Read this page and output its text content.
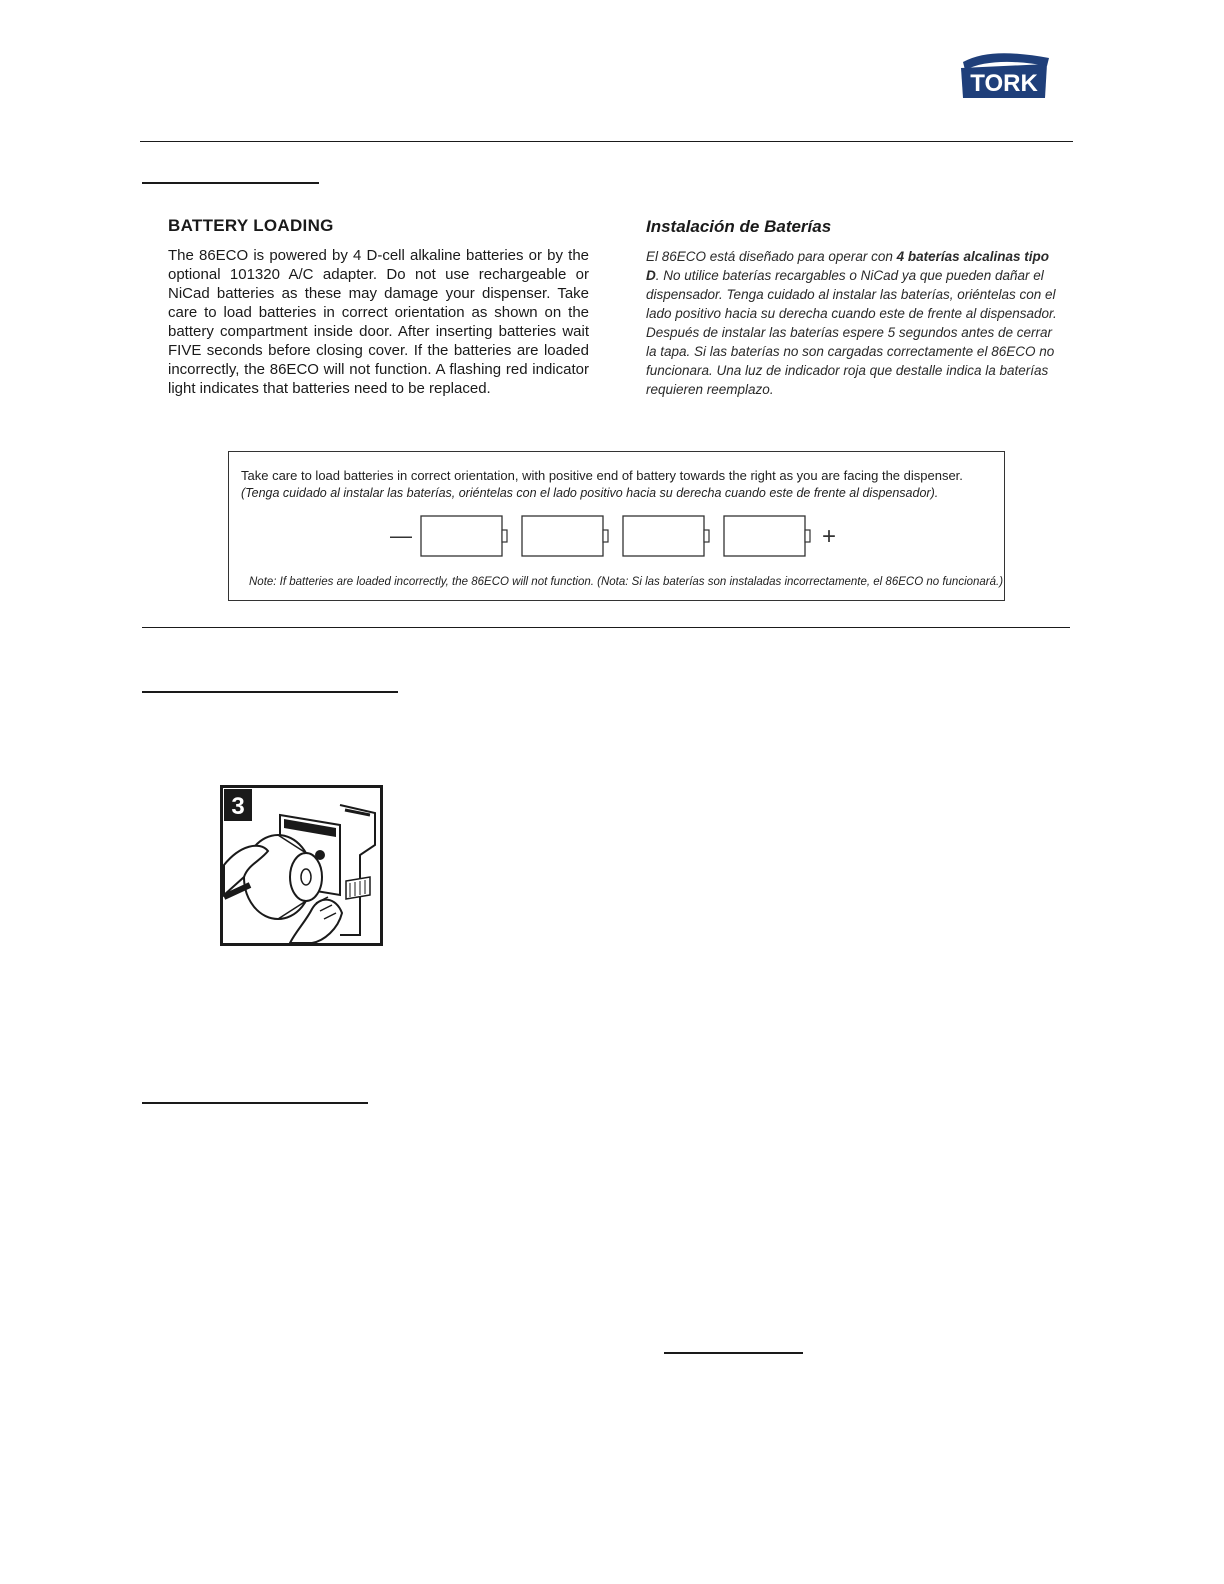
TORK
BATTERY LOADING
The 86ECO is powered by 4 D-cell alkaline batteries or by the optional 101320 A/C adapter. Do not use rechargeable or NiCad batteries as these may damage your dispenser. Take care to load batteries in correct orientation as shown on the battery compartment inside door. After inserting batteries wait FIVE seconds before closing cover. If the batteries are loaded incorrectly, the 86ECO will not function. A flashing red indicator light indicates that batteries need to be replaced.
Instalación de Baterías
El 86ECO está diseñado para operar con 4 baterías alcalinas tipo D. No utilice baterías recargables o NiCad ya que pueden dañar el dispensador. Tenga cuidado al instalar las baterías, oriéntelas con el lado positivo hacia su derecha cuando este de frente al dispensador. Después de instalar las baterías espere 5 segundos antes de cerrar la tapa. Si las baterías no son cargadas correctamente el 86ECO no funcionara. Una luz de indicador roja que destalle indica la baterías requieren reemplazo.
Take care to load batteries in correct orientation, with positive end of battery towards the right as you are facing the dispenser.
(Tenga cuidado al instalar las baterías, oriéntelas con el lado positivo hacia su derecha cuando este de frente al dispensador).
—	+
Note: If batteries are loaded incorrectly, the 86ECO will not function. (Nota: Si las baterías son instaladas incorrectamente, el 86ECO no funcionará.)
3
